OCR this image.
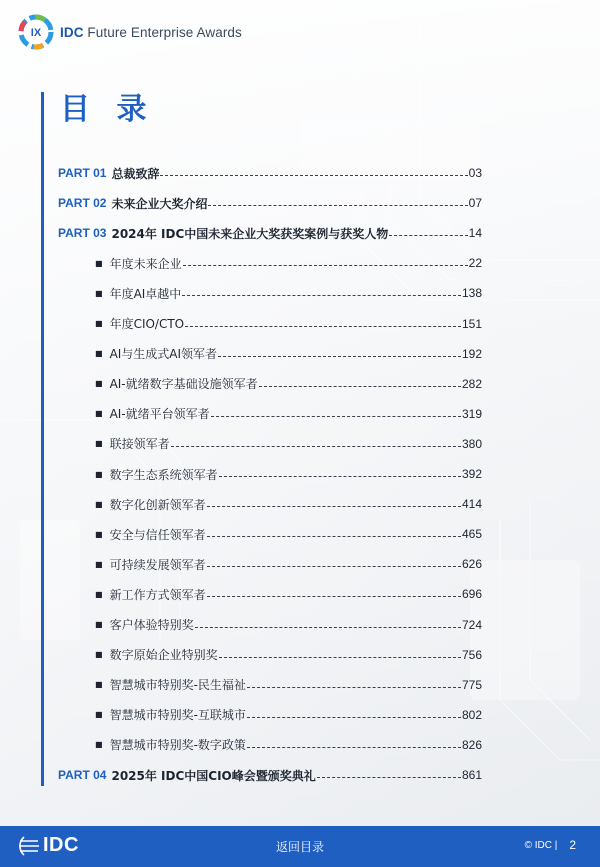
IX IDC Future Enterprise Awards
目 录
PART 01 总裁致辞	03
PART 02 未来企业大奖介绍	07
PART 03 2024年 IDC中国未来企业大奖获奖案例与获奖人物	14
■ 年度未来企业	22
■ 年度AI卓越中	138
■ 年度CIO/CTO	151
■ AI与生成式AI领军者	192
■ AI-就绪数字基础设施领军者	282
■ AI-就绪平台领军者	319
■ 联接领军者	380
■ 数字生态系统领军者	392
■ 数字化创新领军者	414
■ 安全与信任领军者	465
■ 可持续发展领军者	626
■ 新工作方式领军者	696
■ 客户体验特别奖	724
■ 数字原始企业特别奖	756
■ 智慧城市特别奖-民生福祉	775
■ 智慧城市特别奖-互联城市	802
■ 智慧城市特别奖-数字政策	826
PART 04 2025年 IDC中国CIO峰会暨颁奖典礼	861
IDC	返回目录	© IDC | 2
